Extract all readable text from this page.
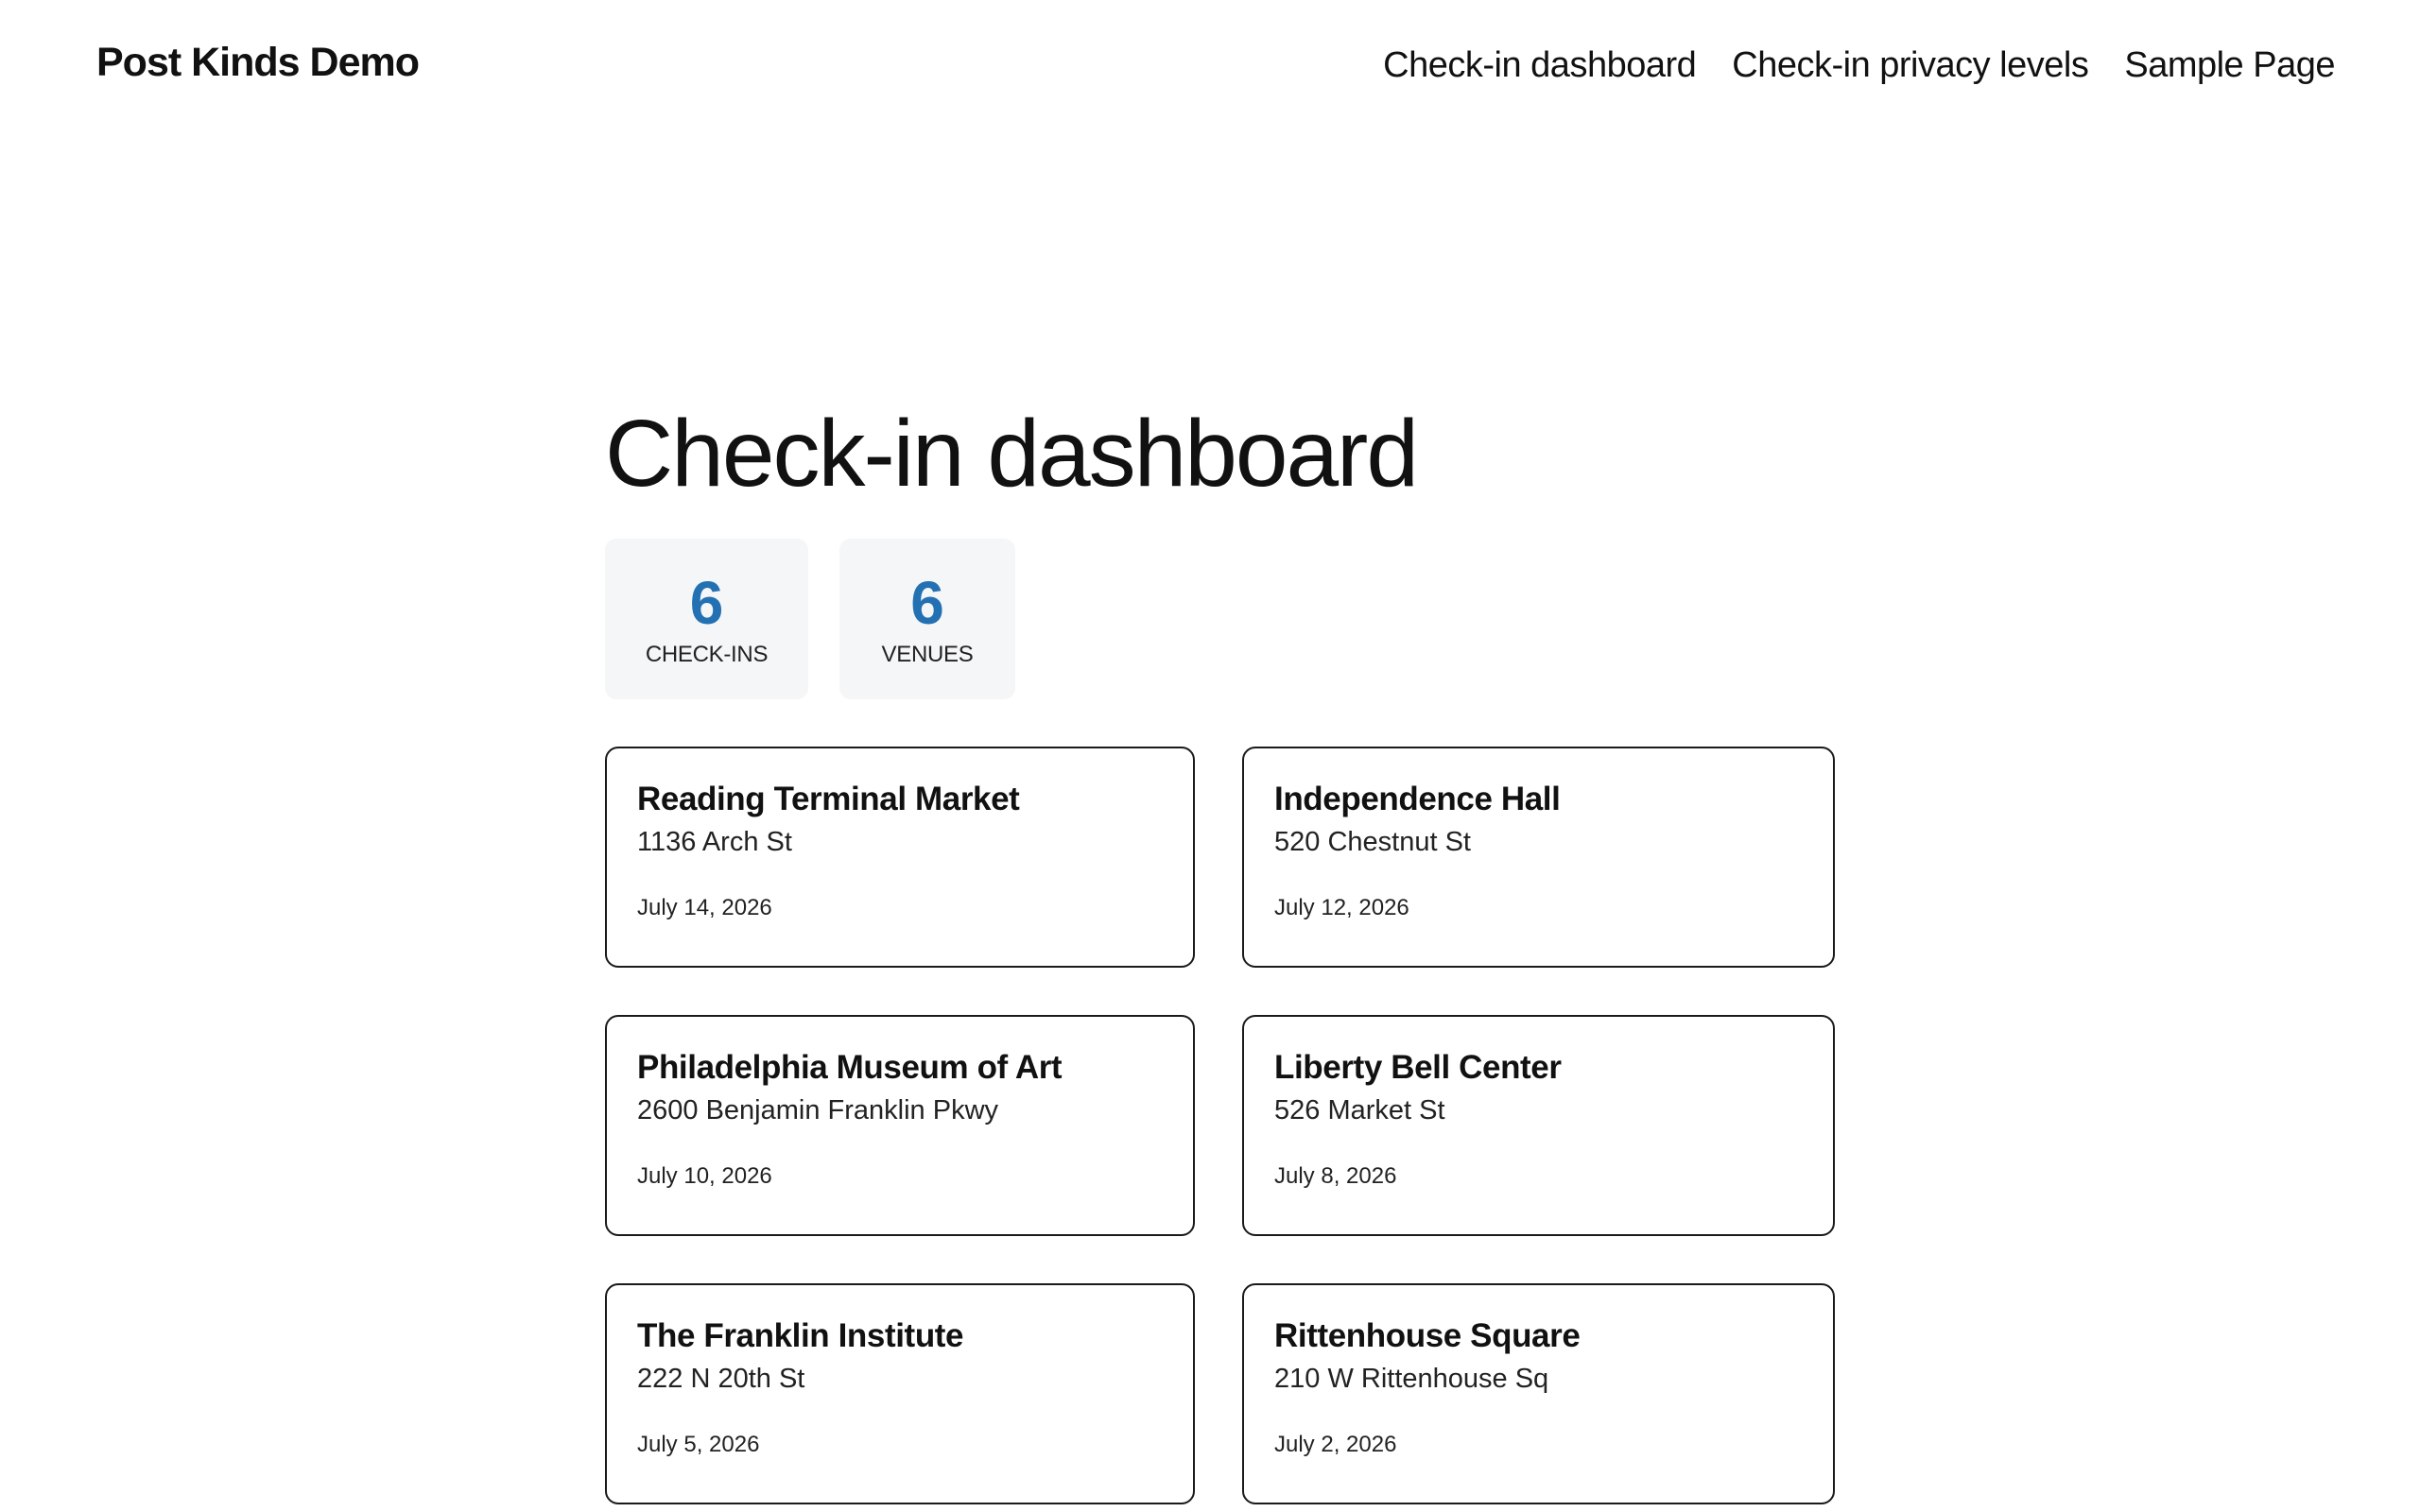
Post Kinds Demo	Check-in dashboard Check-in privacy levels Sample Page
Check-in dashboard
6
CHECK-INS
6
VENUES
Reading Terminal Market
1136 Arch St
July 14, 2026
Independence Hall
520 Chestnut St
July 12, 2026
Philadelphia Museum of Art
2600 Benjamin Franklin Pkwy
July 10, 2026
Liberty Bell Center
526 Market St
July 8, 2026
The Franklin Institute
222 N 20th St
July 5, 2026
Rittenhouse Square
210 W Rittenhouse Sq
July 2, 2026
